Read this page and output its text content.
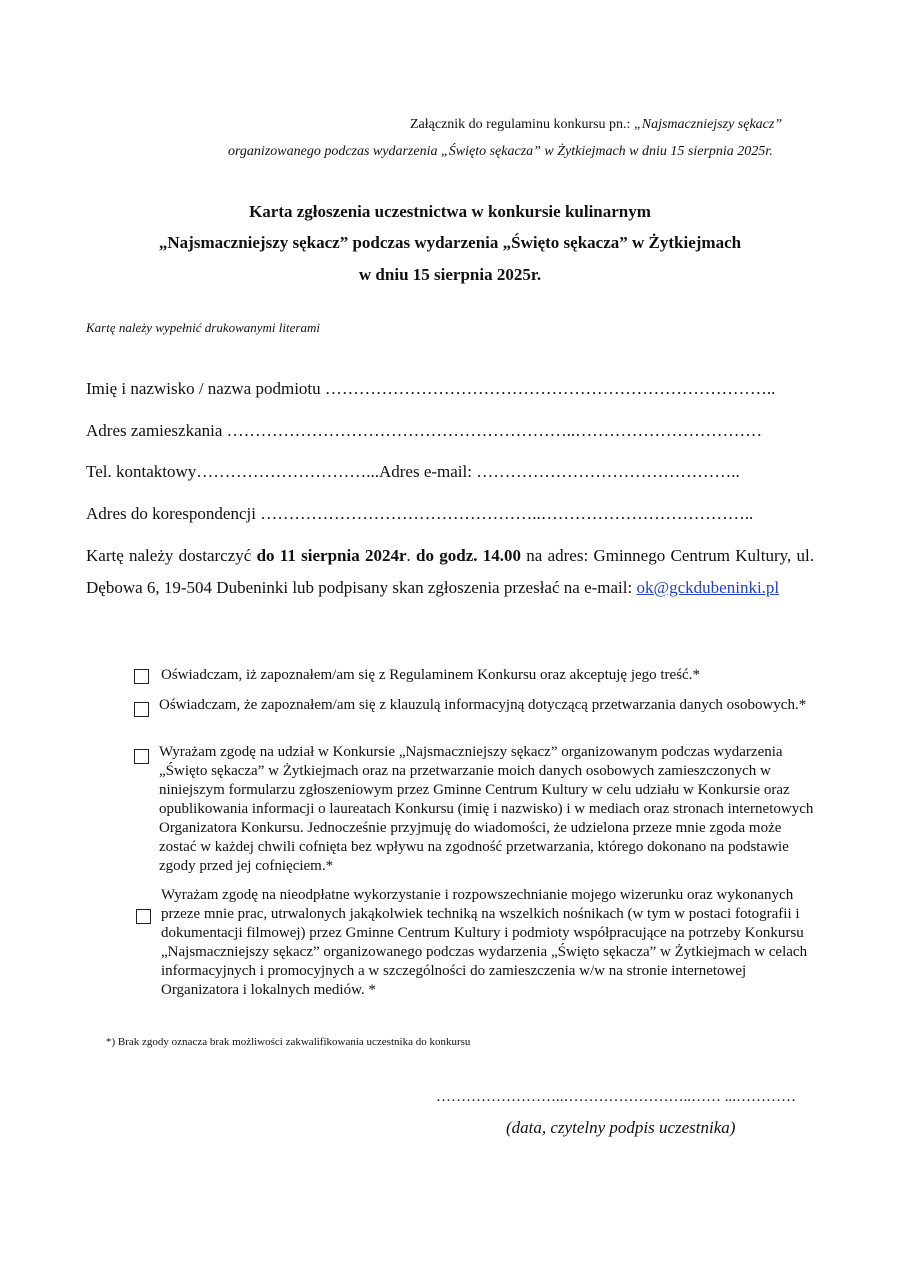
Załącznik do regulaminu konkursu pn.: „Najsmaczniejszy sękacz”
organizowanego podczas wydarzenia „Święto sękacza” w Żytkiejmach w dniu 15 sierpnia 2025r.
Karta zgłoszenia uczestnictwa w konkursie kulinarnym
„Najsmaczniejszy sękacz” podczas wydarzenia „Święto sękacza” w Żytkiejmach
w dniu 15 sierpnia 2025r.
Kartę należy wypełnić drukowanymi literami
Imię i nazwisko / nazwa podmiotu ……………………………………………………………………..
Adres zamieszkania ……………………………………………………..……………………………
Tel. kontaktowy…………………………...Adres e-mail: ………………………………………..
Adres do korespondencji …………………………………………..………………………………..
Kartę należy dostarczyć do 11 sierpnia 2024r. do godz. 14.00 na adres: Gminnego Centrum Kultury, ul. Dębowa 6, 19-504 Dubeninki lub podpisany skan zgłoszenia przesłać na e-mail: ok@gckdubeninki.pl
Oświadczam, iż zapoznałem/am się z Regulaminem Konkursu oraz akceptuję jego treść.*
Oświadczam, że zapoznałem/am się z klauzulą informacyjną dotyczącą przetwarzania danych osobowych.*
Wyrażam zgodę na udział w Konkursie „Najsmaczniejszy sękacz” organizowanym podczas wydarzenia „Święto sękacza” w Żytkiejmach oraz na przetwarzanie moich danych osobowych zamieszczonych w niniejszym formularzu zgłoszeniowym przez Gminne Centrum Kultury w celu udziału w Konkursie oraz opublikowania informacji o laureatach Konkursu (imię i nazwisko) i w mediach oraz stronach internetowych Organizatora Konkursu. Jednocześnie przyjmuję do wiadomości, że udzielona przeze mnie zgoda może zostać w każdej chwili cofnięta bez wpływu na zgodność przetwarzania, którego dokonano na podstawie zgody przed jej cofnięciem.*
Wyrażam zgodę na nieodpłatne wykorzystanie i rozpowszechnianie mojego wizerunku oraz wykonanych przeze mnie prac, utrwalonych jakąkolwiek techniką na wszelkich nośnikach (w tym w postaci fotografii i dokumentacji filmowej) przez Gminne Centrum Kultury i podmioty współpracujące na potrzeby Konkursu „Najsmaczniejszy sękacz” organizowanego podczas wydarzenia „Święto sękacza” w Żytkiejmach w celach informacyjnych i promocyjnych a w szczególności do zamieszczenia w/w na stronie internetowej Organizatora i lokalnych mediów. *
*) Brak zgody oznacza brak możliwości zakwalifikowania uczestnika do konkursu
……………………..……………………..…… ...…………
(data, czytelny podpis uczestnika)
